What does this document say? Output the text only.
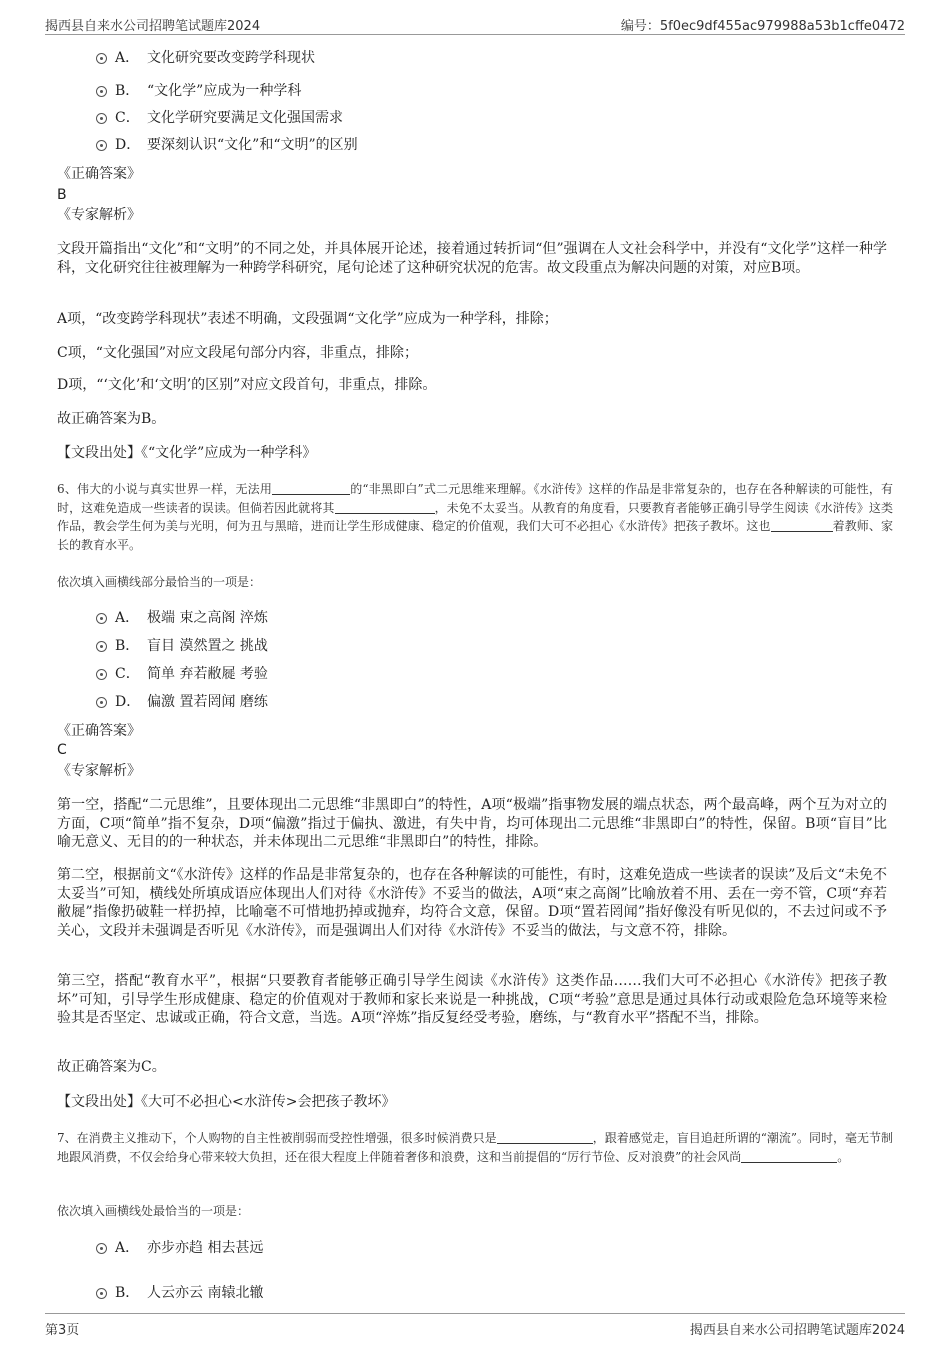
揭西县自来水公司招聘笔试题库2024	编号：5f0ec9df455ac979988a53b1cffe0472
A． 文化研究要改变跨学科现状
B． “文化学”应成为一种学科
C． 文化学研究要满足文化强国需求
D． 要深刻认识“文化”和“文明”的区别
《正确答案》
B
《专家解析》
文段开篇指出“文化”和“文明”的不同之处，并具体展开论述，接着通过转折词“但”强调在人文社会科学中，并没有“文化学”这样一种学科，文化研究往往被理解为一种跨学科研究，尾句论述了这种研究状况的危害。故文段重点为解决问题的对策，对应B项。
A项，“改变跨学科现状”表述不明确，文段强调“文化学”应成为一种学科，排除；
C项，“文化强国”对应文段尾句部分内容，非重点，排除；
D项，“‘文化’和‘文明’的区别”对应文段首句，非重点，排除。
故正确答案为B。
【文段出处】《“文化学”应成为一种学科》
6、伟大的小说与真实世界一样，无法用	的“非黑即白”式二元思维来理解。《水浒传》这样的作品是非常复杂的，也存在各种解读的可能性，有时，这难免造成一些读者的误读。但倘若因此就将其	，未免不太妥当。从教育的角度看，只要教育者能够正确引导学生阅读《水浒传》这类作品，教会学生何为美与光明，何为丑与黑暗，进而让学生形成健康、稳定的价值观，我们大可不必担心《水浒传》把孩子教坏。这也	着教师、家长的教育水平。
依次填入画横线部分最恰当的一项是：
A． 极端 束之高阁 淬炼
B． 盲目 漠然置之 挑战
C． 简单 弃若敝屣 考验
D． 偏激 置若罔闻 磨练
《正确答案》
C
《专家解析》
第一空，搭配“二元思维”，且要体现出二元思维“非黑即白”的特性，A项“极端”指事物发展的端点状态，两个最高峰，两个互为对立的方面，C项“简单”指不复杂，D项“偏激”指过于偏执、激进，有失中肯，均可体现出二元思维“非黑即白”的特性，保留。B项“盲目”比喻无意义、无目的的一种状态，并未体现出二元思维“非黑即白”的特性，排除。
第二空，根据前文“《水浒传》这样的作品是非常复杂的，也存在各种解读的可能性，有时，这难免造成一些读者的误读”及后文“未免不太妥当”可知，横线处所填成语应体现出人们对待《水浒传》不妥当的做法，A项“束之高阁”比喻放着不用、丢在一旁不管，C项“弃若敝屣”指像扔破鞋一样扔掉，比喻毫不可惜地扔掉或抛弃，均符合文意，保留。D项“置若罔闻”指好像没有听见似的，不去过问或不予关心，文段并未强调是否听见《水浒传》，而是强调出人们对待《水浒传》不妥当的做法，与文意不符，排除。
第三空，搭配“教育水平”，根据“只要教育者能够正确引导学生阅读《水浒传》这类作品……我们大可不必担心《水浒传》把孩子教坏”可知，引导学生形成健康、稳定的价值观对于教师和家长来说是一种挑战，C项“考验”意思是通过具体行动或艰险危急环境等来检验其是否坚定、忠诚或正确，符合文意，当选。A项“淬炼”指反复经受考验，磨练，与“教育水平”搭配不当，排除。
故正确答案为C。
【文段出处】《大可不必担心<水浒传>会把孩子教坏》
7、在消费主义推动下，个人购物的自主性被削弱而受控性增强，很多时候消费只是	，跟着感觉走，盲目追赶所谓的“潮流”。同时，毫无节制地跟风消费，不仅会给身心带来较大负担，还在很大程度上伴随着奢侈和浪费，这和当前提倡的“厉行节俭、反对浪费”的社会风尚	。
依次填入画横线处最恰当的一项是：
A． 亦步亦趋 相去甚远
B． 人云亦云 南辕北辙
第3页	揭西县自来水公司招聘笔试题库2024
